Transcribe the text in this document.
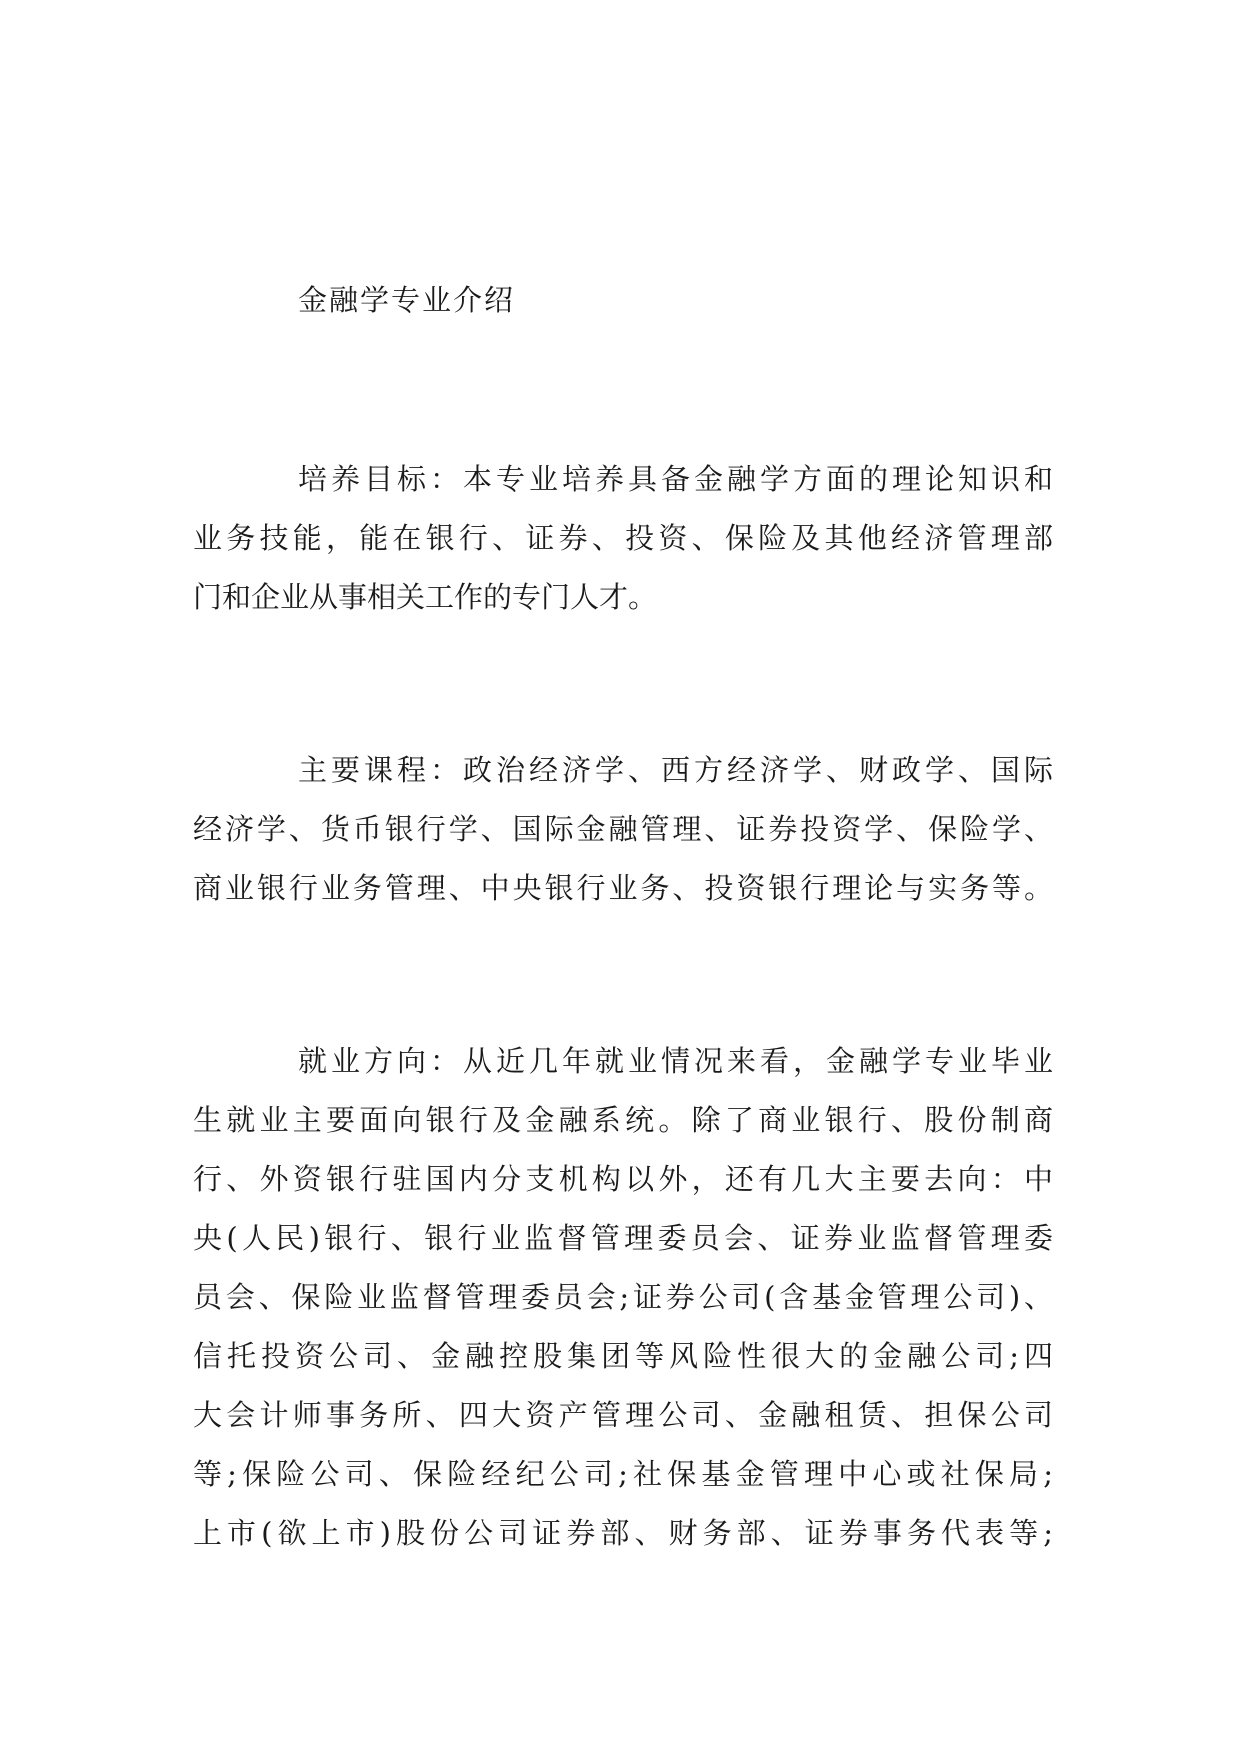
金融学专业介绍
培养目标：本专业培养具备金融学方面的理论知识和
业务技能，能在银行、证券、投资、保险及其他经济管理部
门和企业从事相关工作的专门人才。
主要课程：政治经济学、西方经济学、财政学、国际
经济学、货币银行学、国际金融管理、证券投资学、保险学、
商业银行业务管理、中央银行业务、投资银行理论与实务等。
就业方向：从近几年就业情况来看，金融学专业毕业
生就业主要面向银行及金融系统。除了商业银行、股份制商
行、外资银行驻国内分支机构以外，还有几大主要去向：中
央(人民)银行、银行业监督管理委员会、证券业监督管理委
员会、保险业监督管理委员会;证券公司(含基金管理公司)、
信托投资公司、金融控股集团等风险性很大的金融公司;四
大会计师事务所、四大资产管理公司、金融租赁、担保公司
等;保险公司、保险经纪公司;社保基金管理中心或社保局;
上市(欲上市)股份公司证券部、财务部、证券事务代表等;
